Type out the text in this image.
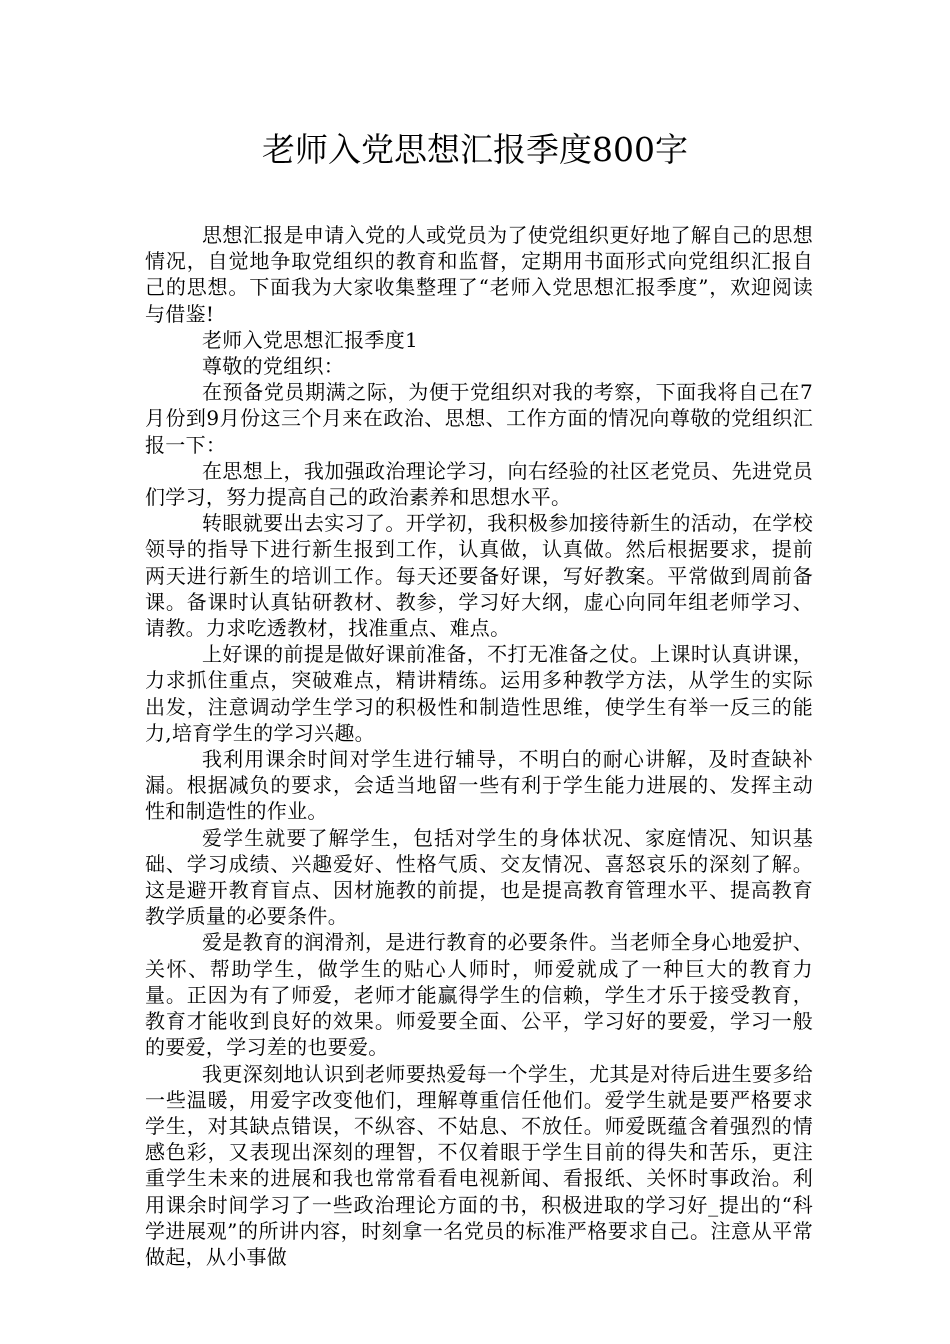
老师入党思想汇报季度800字

思想汇报是申请入党的人或党员为了使党组织更好地了解自己的思想情况，自觉地争取党组织的教育和监督，定期用书面形式向党组织汇报自己的思想。下面我为大家收集整理了“老师入党思想汇报季度”，欢迎阅读与借鉴!

老师入党思想汇报季度1

尊敬的党组织：

在预备党员期满之际，为便于党组织对我的考察，下面我将自己在7月份到9月份这三个月来在政治、思想、工作方面的情况向尊敬的党组织汇报一下：

在思想上，我加强政治理论学习，向右经验的社区老党员、先进党员们学习，努力提高自己的政治素养和思想水平。

转眼就要出去实习了。开学初，我积极参加接待新生的活动，在学校领导的指导下进行新生报到工作，认真做，认真做。然后根据要求，提前两天进行新生的培训工作。每天还要备好课，写好教案。平常做到周前备课。备课时认真钻研教材、教参，学习好大纲，虚心向同年组老师学习、请教。力求吃透教材，找准重点、难点。

上好课的前提是做好课前准备，不打无准备之仗。上课时认真讲课，力求抓住重点，突破难点，精讲精练。运用多种教学方法，从学生的实际出发，注意调动学生学习的积极性和制造性思维，使学生有举一反三的能力,培育学生的学习兴趣。

我利用课余时间对学生进行辅导，不明白的耐心讲解，及时查缺补漏。根据减负的要求，会适当地留一些有利于学生能力进展的、发挥主动性和制造性的作业。

爱学生就要了解学生，包括对学生的身体状况、家庭情况、知识基础、学习成绩、兴趣爱好、性格气质、交友情况、喜怒哀乐的深刻了解。这是避开教育盲点、因材施教的前提，也是提高教育管理水平、提高教育教学质量的必要条件。

爱是教育的润滑剂，是进行教育的必要条件。当老师全身心地爱护、关怀、帮助学生，做学生的贴心人师时，师爱就成了一种巨大的教育力量。正因为有了师爱，老师才能赢得学生的信赖，学生才乐于接受教育，教育才能收到良好的效果。师爱要全面、公平，学习好的要爱，学习一般的要爱，学习差的也要爱。

我更深刻地认识到老师要热爱每一个学生，尤其是对待后进生要多给一些温暖，用爱字改变他们，理解尊重信任他们。爱学生就是要严格要求学生，对其缺点错误，不纵容、不姑息、不放任。师爱既蕴含着强烈的情感色彩，又表现出深刻的理智，不仅着眼于学生目前的得失和苦乐，更注重学生未来的进展和我也常常看看电视新闻、看报纸、关怀时事政治。利用课余时间学习了一些政治理论方面的书，积极进取的学习好_提出的“科学进展观”的所讲内容，时刻拿一名党员的标准严格要求自己。注意从平常做起，从小事做
